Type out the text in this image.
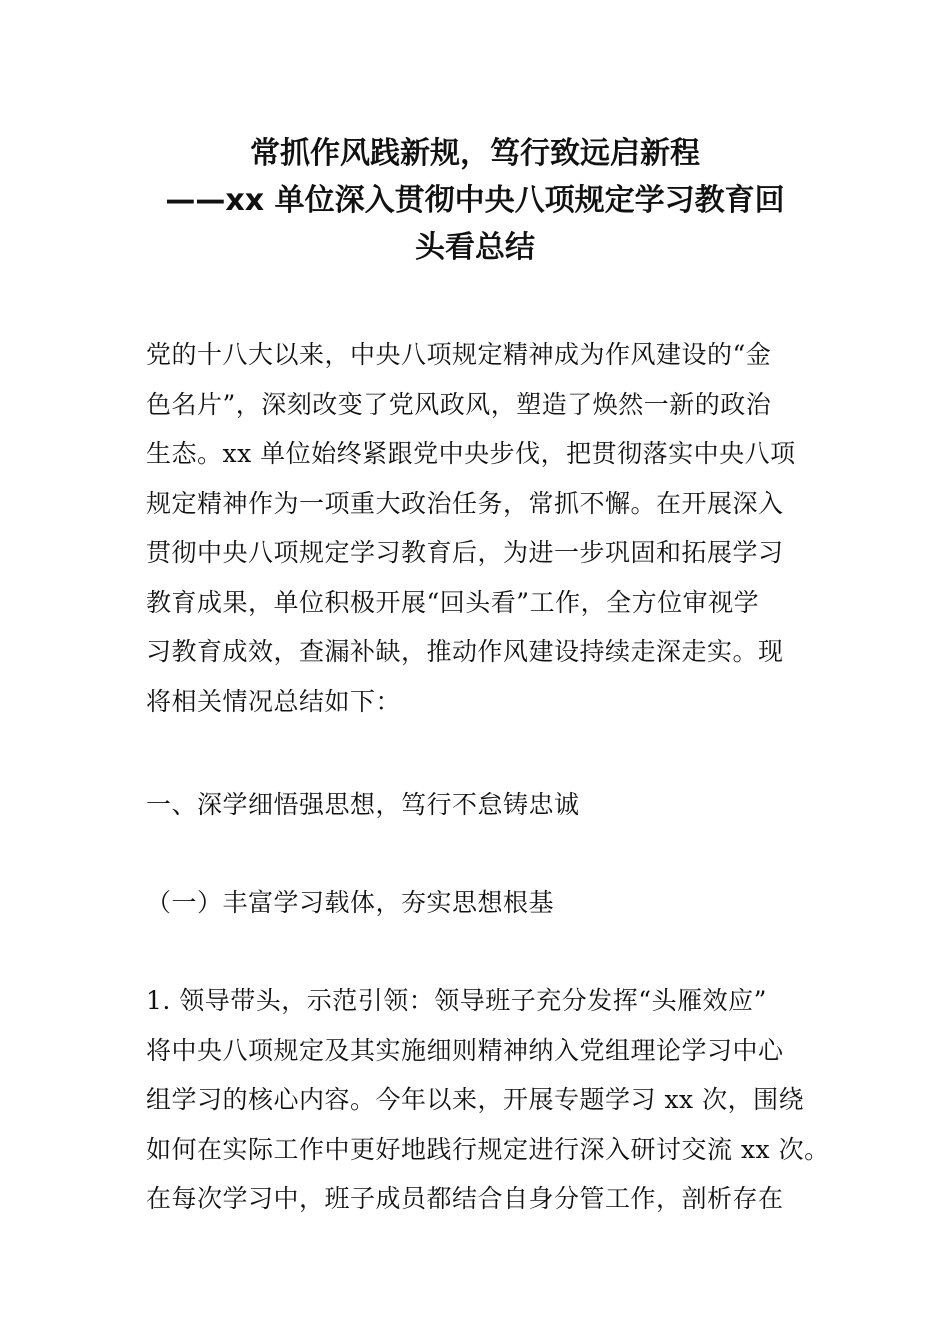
常抓作风践新规，笃行致远启新程
——xx 单位深入贯彻中央八项规定学习教育回
头看总结
党的十八大以来，中央八项规定精神成为作风建设的“金
色名片”，深刻改变了党风政风，塑造了焕然一新的政治
生态。xx 单位始终紧跟党中央步伐，把贯彻落实中央八项
规定精神作为一项重大政治任务，常抓不懈。在开展深入
贯彻中央八项规定学习教育后，为进一步巩固和拓展学习
教育成果，单位积极开展“回头看”工作，全方位审视学
习教育成效，查漏补缺，推动作风建设持续走深走实。现
将相关情况总结如下：
一、深学细悟强思想，笃行不怠铸忠诚
（一）丰富学习载体，夯实思想根基
1. 领导带头，示范引领：领导班子充分发挥“头雁效应”
将中央八项规定及其实施细则精神纳入党组理论学习中心
组学习的核心内容。今年以来，开展专题学习 xx 次，围绕
如何在实际工作中更好地践行规定进行深入研讨交流 xx 次。
在每次学习中，班子成员都结合自身分管工作，剖析存在
